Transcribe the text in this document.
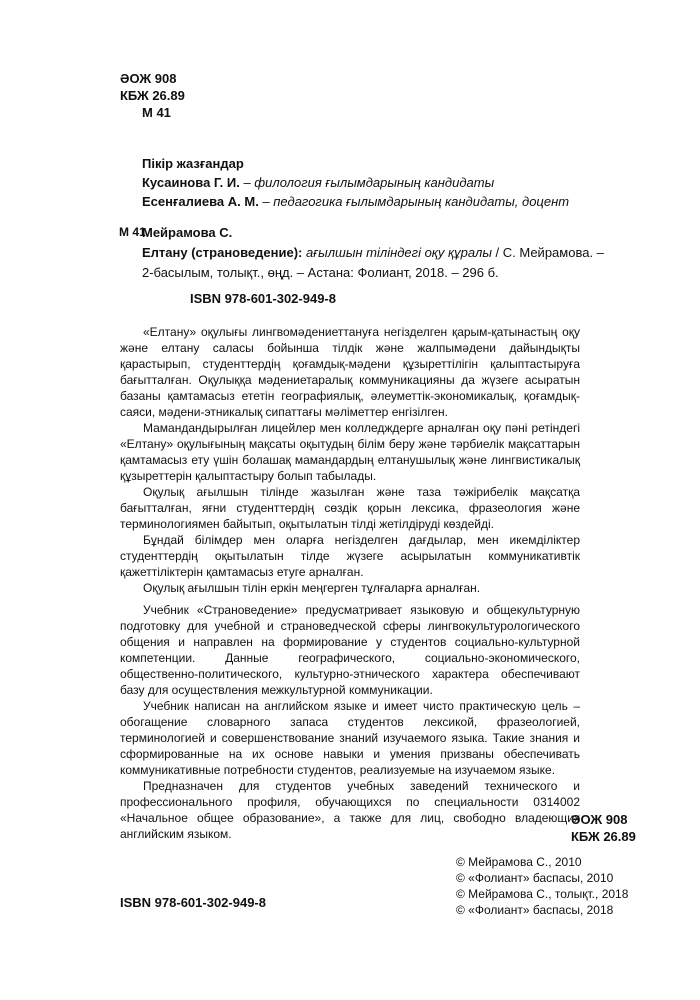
ӘОЖ 908
КБЖ 26.89
М 41
Пікір жазғандар
Кусаинова Г. И. – филология ғылымдарының кандидаты
Есенғалиева А. М. – педагогика ғылымдарының кандидаты, доцент
М 41
Мейрамова С.
Елтану (страноведение): ағылшын тіліндегі оқу құралы / С. Мейрамова. –
2-басылым, толықт., өңд. – Астана: Фолиант, 2018. – 296 б.
ISBN 978-601-302-949-8

«Елтану» оқулығы лингвомәдениеттануға негізделген қарым-қатынастың оқу және елтану саласы бойынша тілдік және жалпымәдени дайындықты қарастырып, студенттердің қоғамдық-мәдени құзыреттілігін қалыптастыруға бағытталған. Оқулыққа мәдениетаралық коммуникацияны да жүзеге асыратын базаны қамтамасыз ететін географиялық, әлеуметтік-экономикалық, қоғамдық-саяси, мәдени-этникалық сипаттағы мәліметтер енгізілген.

Мамандандырылған лицейлер мен колледждерге арналған оқу пәні ретіндегі «Елтану» оқулығының мақсаты оқытудың білім беру және тәрбиелік мақсаттарын қамтамасыз ету үшін болашақ мамандардың елтанушылық және лингвистикалық құзыреттерін қалыптастыру болып табылады.

Оқулық ағылшын тілінде жазылған және таза тәжірибелік мақсатқа бағытталған, яғни студенттердің сөздік қорын лексика, фразеология және терминологиямен байытып, оқытылатын тілді жетілдіруді көздейді.

Бұндай білімдер мен оларға негізделген дағдылар, мен икемділіктер студенттердің оқытылатын тілде жүзеге асырылатын коммуникативтік қажеттіліктерін қамтамасыз етуге арналған.

Оқулық ағылшын тілін еркін меңгерген тұлғаларға арналған.

Учебник «Страноведение» предусматривает языковую и общекультурную подготовку для учебной и страноведческой сферы лингвокультурологического общения и направлен на формирование у студентов социально-культурной компетенции. Данные географического, социально-экономического, общественно-политического, культурно-этнического характера обеспечивают базу для осуществления межкультурной коммуникации.

Учебник написан на английском языке и имеет чисто практическую цель – обогащение словарного запаса студентов лексикой, фразеологией, терминологией и совершенствование знаний изучаемого языка. Такие знания и сформированные на их основе навыки и умения призваны обеспечивать коммуникативные потребности студентов, реализуемые на изучаемом языке.

Предназначен для студентов учебных заведений технического и профессионального профиля, обучающихся по специальности 0314002 «Начальное общее образование», а также для лиц, свободно владеющих английским языком.

ӘОЖ 908
КБЖ 26.89
© Мейрамова С., 2010
© «Фолиант» баспасы, 2010
© Мейрамова С., толықт., 2018
© «Фолиант» баспасы, 2018
ISBN 978-601-302-949-8
